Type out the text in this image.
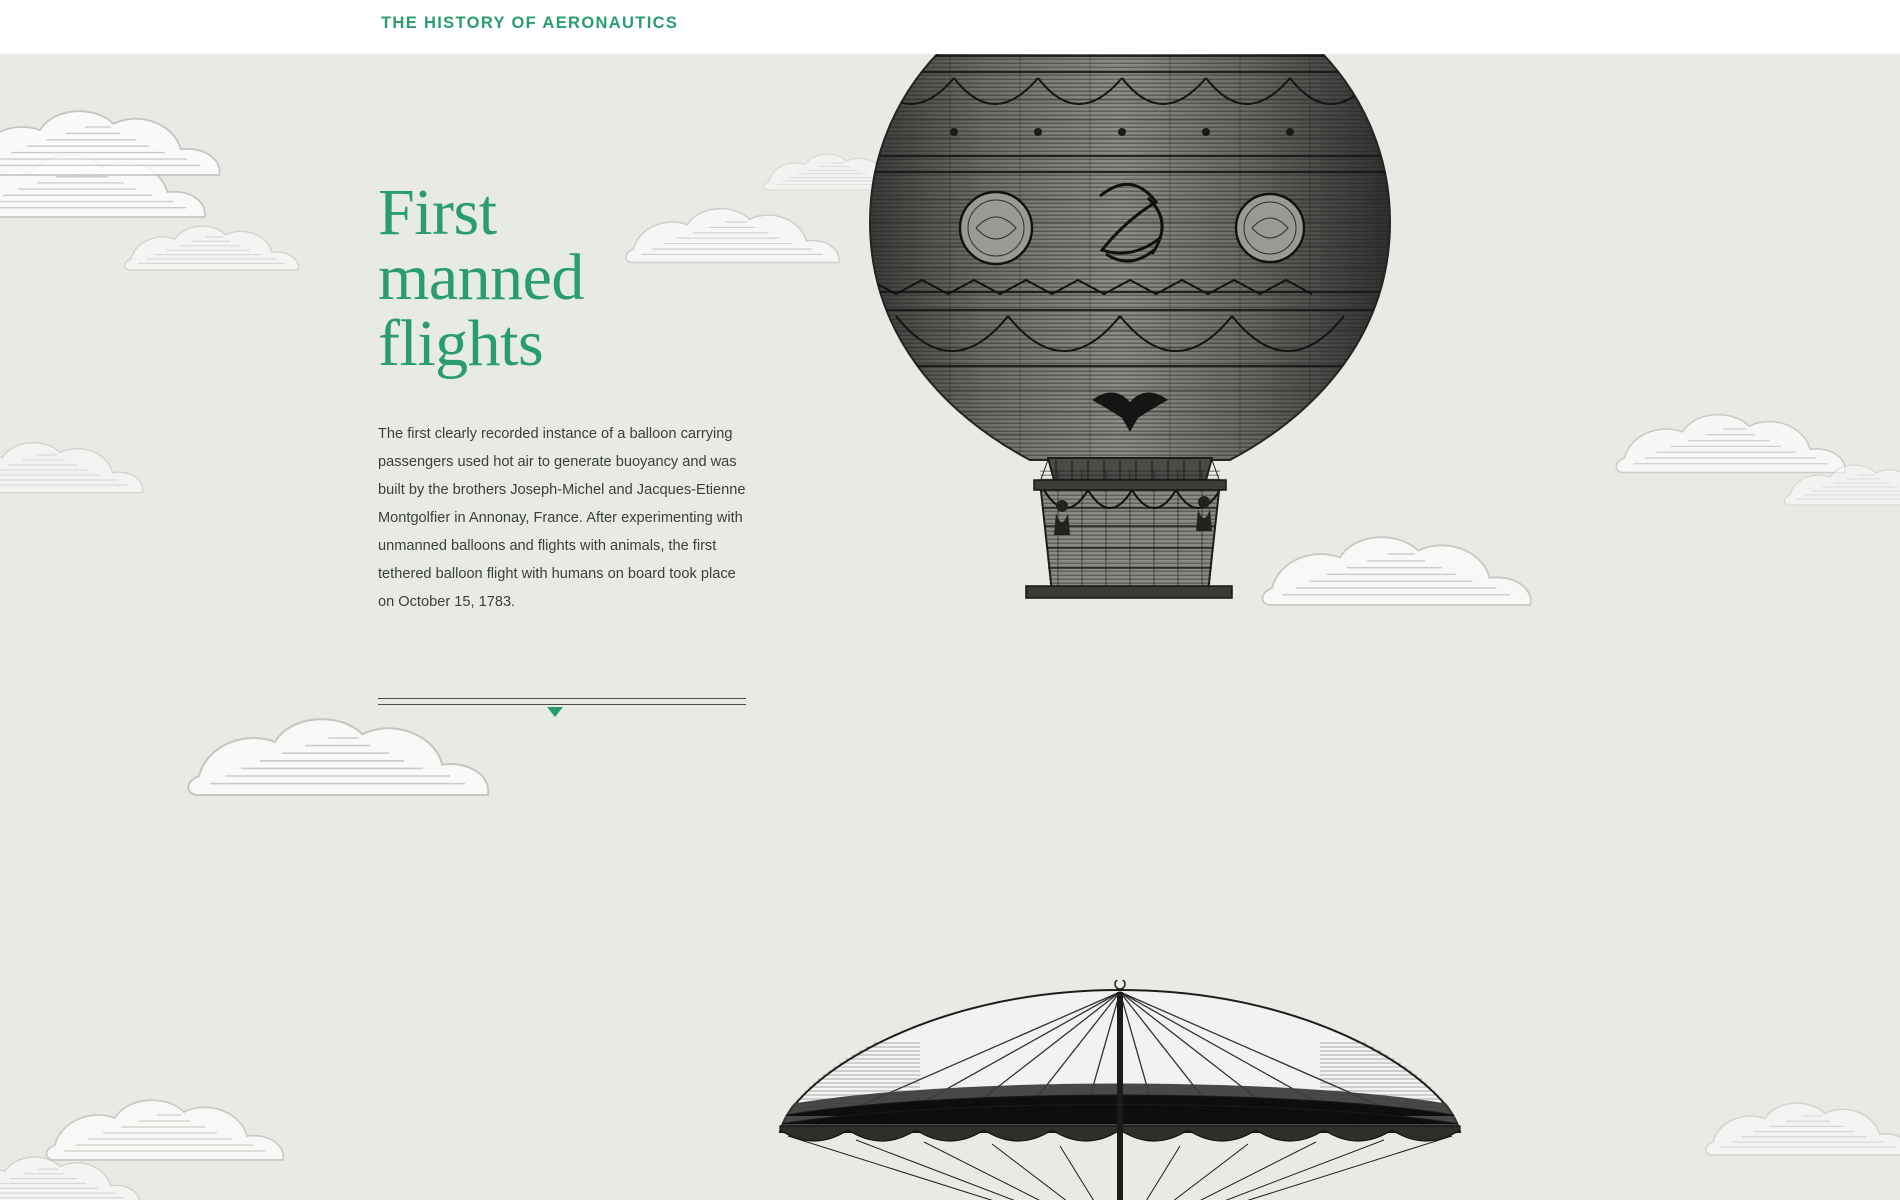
THE HISTORY OF AERONAUTICS
First
manned
flights

The first clearly recorded instance of a balloon carrying passengers used hot air to generate buoyancy and was built by the brothers Joseph-Michel and Jacques-Etienne Montgolfier in Annonay, France. After experimenting with unmanned balloons and flights with animals, the first tethered balloon flight with humans on board took place on October 15, 1783.
